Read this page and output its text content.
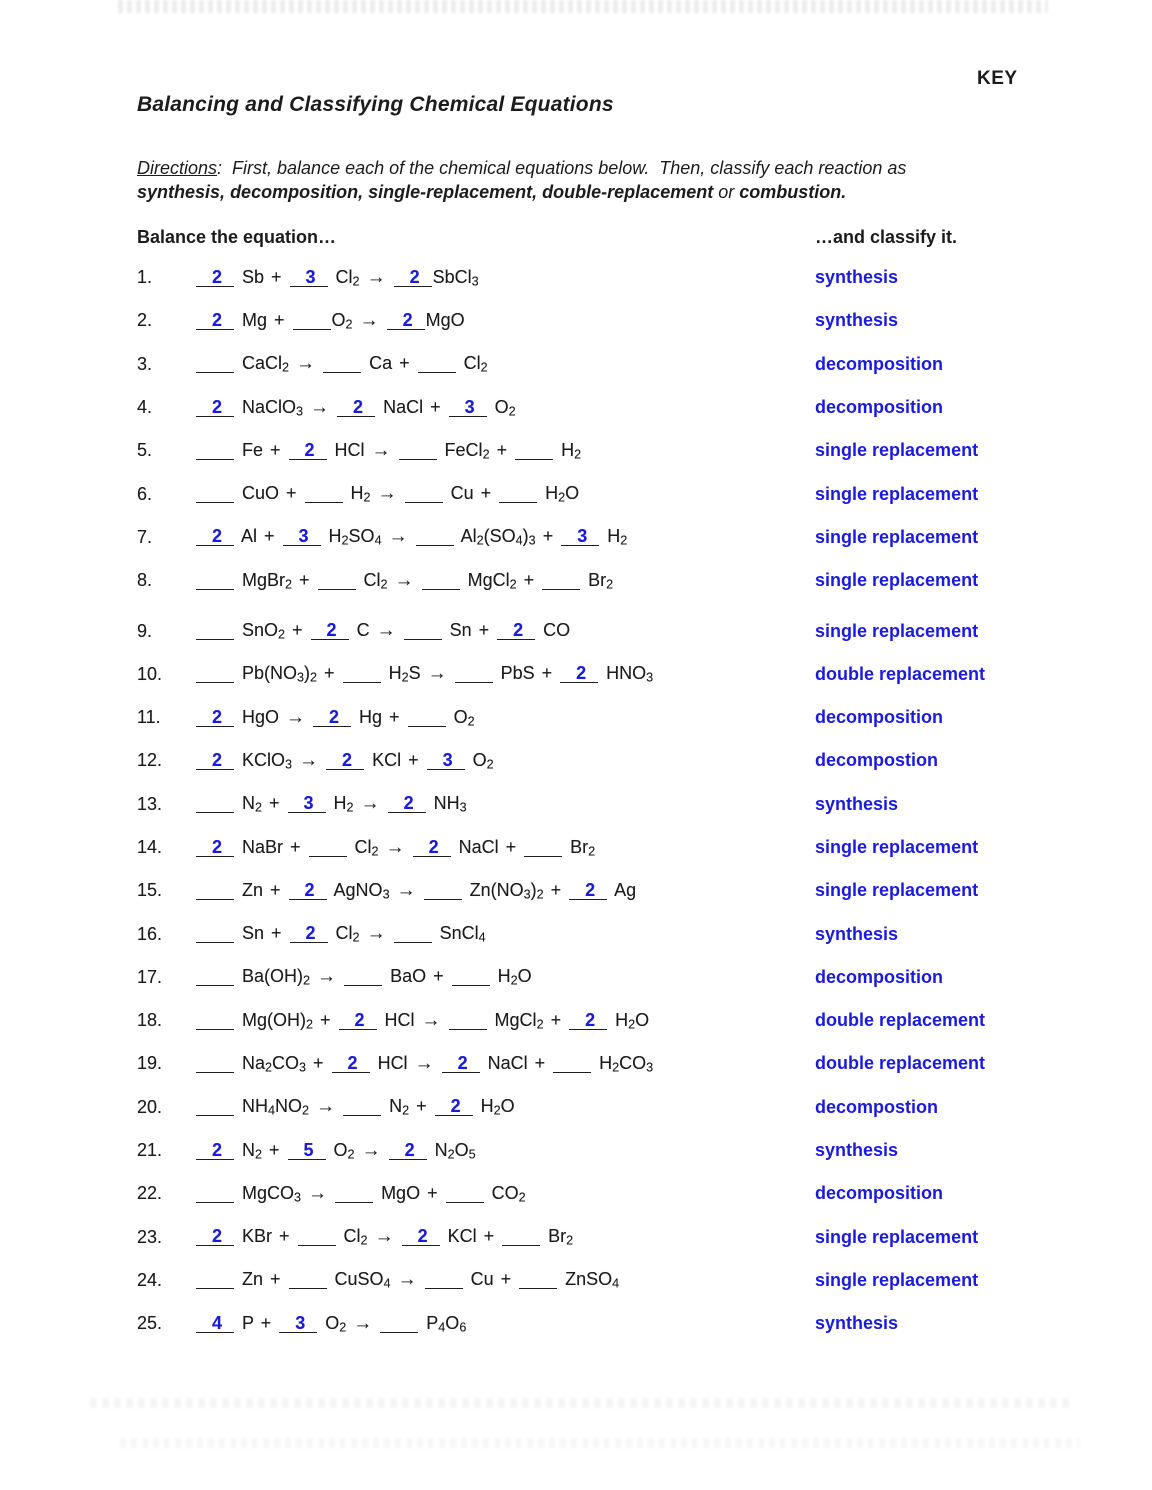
KEY
Balancing and Classifying Chemical Equations

Directions:  First, balance each of the chemical equations below.  Then, classify each reaction as
synthesis, decomposition, single-replacement, double-replacement or combustion.

Balance the equation…	…and classify it.
1.	2 Sb + 3 $Cl_2 \to 2$ SbCl$_3$	synthesis
2.	2 $Mg + O_2 \to 2$ MgO	synthesis
3.	CaCl$_2$ →	$Ca + Cl_2$	decomposition
4.	2 NaClO$_3$ → 2 NaCl + 3 $O_2$	decomposition
5.	Fe + 2 HCl →	FeCl$_2$ +  $H_2$	single replacement
6.	CuO +  $H_2$ →	$Cu + H_2O$	single replacement
7.	2 Al + 3 $H_2SO_4$ →	$Al_2(SO_4)_3 + 3$ $H_2$	single replacement
8.	MgBr$_2$ +  $Cl_2$ →	MgCl$_2$ +  $Br_2$	single replacement
9.	SnO$_2$ + 2 C →	Sn + 2 CO	single replacement
10.	$Pb(NO_3)_2 + H_2S$ →	PbS + 2 $HNO_3$	double replacement
11.	2 HgO → 2 $Hg + O_2$	decomposition
12.	2 KClO$_3$ → 2 KCl + 3 $O_2$	decompostion
13.	$N_2 + 3$ $H_2 \to 2$ $NH_3$	synthesis
14.	2 NaBr +  $Cl_2 \to 2$ NaCl +  $Br_2$	single replacement
15.	Zn + 2 AgNO$_3$ →	$Zn(NO_3)_2 + 2$ Ag	single replacement
16.	Sn + 2 $Cl_2$ →	SnCl$_4$	synthesis
17.	$Ba(OH)_2$ →	BaO +  $H_2O$	decomposition
18.	$Mg(OH)_2 + 2$ HCl →	MgCl$_2$ + 2 $H_2O$	double replacement
19.	$Na_2CO_3 + 2$ HCl → 2 NaCl +  $H_2CO_3$	double replacement
20.	$NH_4NO_2$ →	$N_2 + 2$ $H_2O$	decompostion
21.	2 $N_2 + 5$ $O_2 \to 2$ $N_2O_5$	synthesis
22.	MgCO$_3$ →	MgO +  $CO_2$	decomposition
23.	2 KBr +  $Cl_2 \to 2$ KCl +  $Br_2$	single replacement
24.	Zn +  CuSO$_4$ →	Cu +  ZnSO$_4$	single replacement
25.	4 P + 3 $O_2$ →	$P_4O_6$	synthesis
